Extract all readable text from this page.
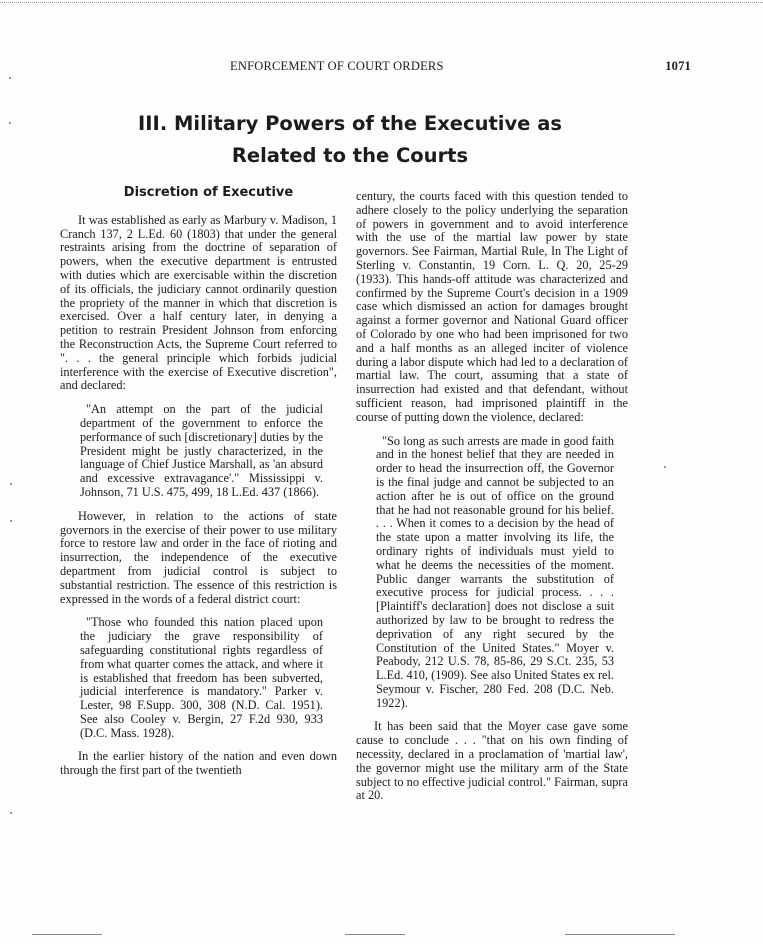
ENFORCEMENT OF COURT ORDERS	1071
III. Military Powers of the Executive as
Related to the Courts
Discretion of Executive

It was established as early as Marbury v. Madison, 1 Cranch 137, 2 L.Ed. 60 (1803) that under the general restraints arising from the doctrine of separation of powers, when the executive department is entrusted with duties which are exercisable within the discretion of its officials, the judiciary cannot ordinarily question the propriety of the manner in which that discretion is exercised. Over a half century later, in denying a petition to restrain President Johnson from enforcing the Reconstruction Acts, the Supreme Court referred to ". . . the general principle which forbids judicial interference with the exercise of Executive discretion", and declared:

"An attempt on the part of the judicial department of the government to enforce the performance of such [discretionary] duties by the President might be justly characterized, in the language of Chief Justice Marshall, as 'an absurd and excessive extravagance'." Mississippi v. Johnson, 71 U.S. 475, 499, 18 L.Ed. 437 (1866).

However, in relation to the actions of state governors in the exercise of their power to use military force to restore law and order in the face of rioting and insurrection, the independence of the executive department from judicial control is subject to substantial restriction. The essence of this restriction is expressed in the words of a federal district court:

"Those who founded this nation placed upon the judiciary the grave responsibility of safeguarding constitutional rights regardless of from what quarter comes the attack, and where it is established that freedom has been subverted, judicial interference is mandatory." Parker v. Lester, 98 F.Supp. 300, 308 (N.D. Cal. 1951). See also Cooley v. Bergin, 27 F.2d 930, 933 (D.C. Mass. 1928).

In the earlier history of the nation and even down through the first part of the twentieth

century, the courts faced with this question tended to adhere closely to the policy underlying the separation of powers in government and to avoid interference with the use of the martial law power by state governors. See Fairman, Martial Rule, In The Light of Sterling v. Constantin, 19 Corn. L. Q. 20, 25-29 (1933). This hands-off attitude was characterized and confirmed by the Supreme Court's decision in a 1909 case which dismissed an action for damages brought against a former governor and National Guard officer of Colorado by one who had been imprisoned for two and a half months as an alleged inciter of violence during a labor dispute which had led to a declaration of martial law. The court, assuming that a state of insurrection had existed and that defendant, without sufficient reason, had imprisoned plaintiff in the course of putting down the violence, declared:

"So long as such arrests are made in good faith and in the honest belief that they are needed in order to head the insurrection off, the Governor is the final judge and cannot be subjected to an action after he is out of office on the ground that he had not reasonable ground for his belief. . . . When it comes to a decision by the head of the state upon a matter involving its life, the ordinary rights of individuals must yield to what he deems the necessities of the moment. Public danger warrants the substitution of executive process for judicial process. . . . [Plaintiff's declaration] does not disclose a suit authorized by law to be brought to redress the deprivation of any right secured by the Constitution of the United States." Moyer v. Peabody, 212 U.S. 78, 85-86, 29 S.Ct. 235, 53 L.Ed. 410, (1909). See also United States ex rel. Seymour v. Fischer, 280 Fed. 208 (D.C. Neb. 1922).

It has been said that the Moyer case gave some cause to conclude . . . "that on his own finding of necessity, declared in a proclamation of 'martial law', the governor might use the military arm of the State subject to no effective judicial control." Fairman, supra at 20.
